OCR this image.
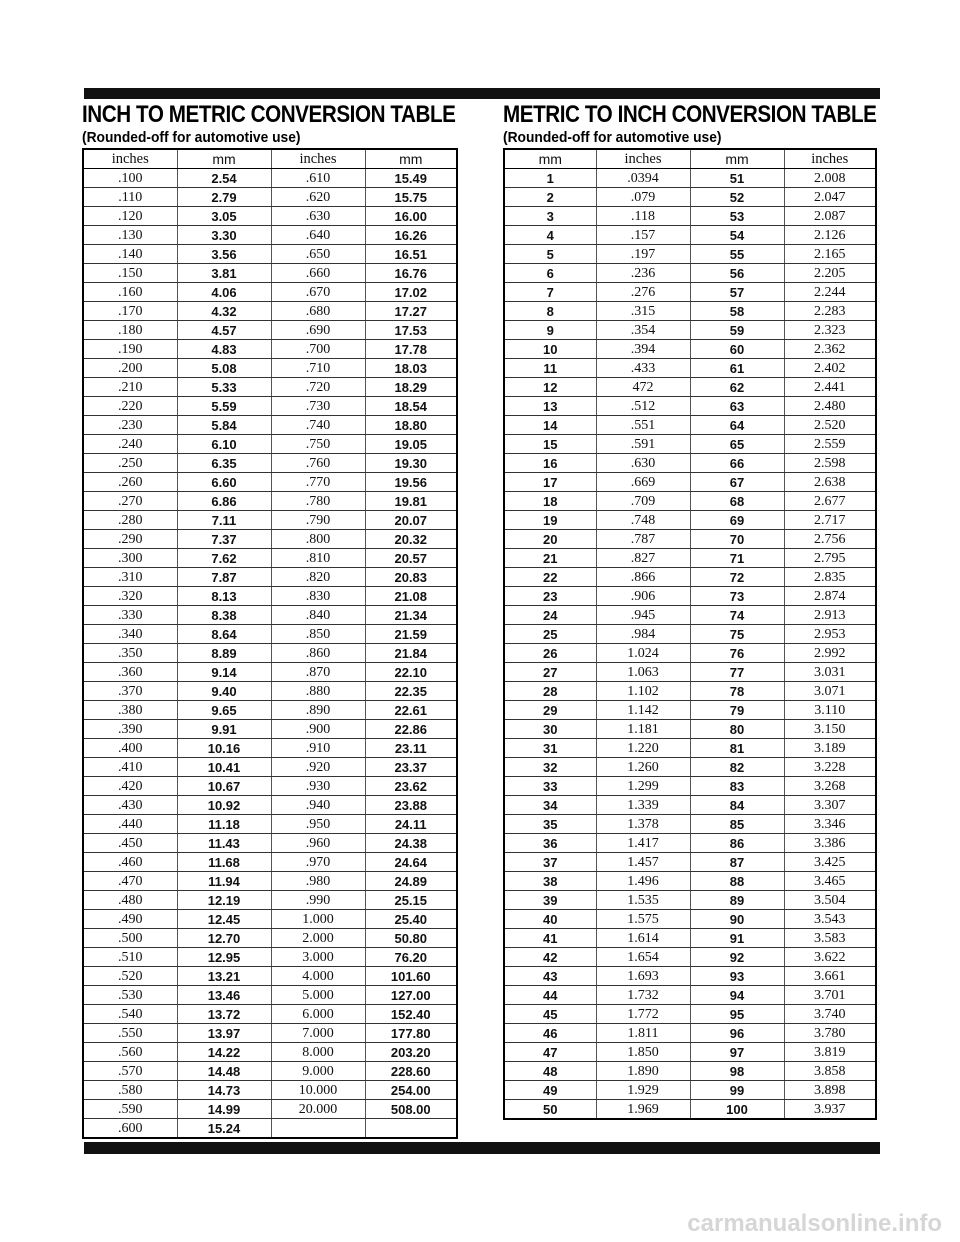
INCH TO METRIC CONVERSION TABLE
(Rounded-off for automotive use)
inches	mm	inches	mm
.100	2.54	.610	15.49
.110	2.79	.620	15.75
.120	3.05	.630	16.00
.130	3.30	.640	16.26
.140	3.56	.650	16.51
.150	3.81	.660	16.76
.160	4.06	.670	17.02
.170	4.32	.680	17.27
.180	4.57	.690	17.53
.190	4.83	.700	17.78
.200	5.08	.710	18.03
.210	5.33	.720	18.29
.220	5.59	.730	18.54
.230	5.84	.740	18.80
.240	6.10	.750	19.05
.250	6.35	.760	19.30
.260	6.60	.770	19.56
.270	6.86	.780	19.81
.280	7.11	.790	20.07
.290	7.37	.800	20.32
.300	7.62	.810	20.57
.310	7.87	.820	20.83
.320	8.13	.830	21.08
.330	8.38	.840	21.34
.340	8.64	.850	21.59
.350	8.89	.860	21.84
.360	9.14	.870	22.10
.370	9.40	.880	22.35
.380	9.65	.890	22.61
.390	9.91	.900	22.86
.400	10.16	.910	23.11
.410	10.41	.920	23.37
.420	10.67	.930	23.62
.430	10.92	.940	23.88
.440	11.18	.950	24.11
.450	11.43	.960	24.38
.460	11.68	.970	24.64
.470	11.94	.980	24.89
.480	12.19	.990	25.15
.490	12.45	1.000	25.40
.500	12.70	2.000	50.80
.510	12.95	3.000	76.20
.520	13.21	4.000	101.60
.530	13.46	5.000	127.00
.540	13.72	6.000	152.40
.550	13.97	7.000	177.80
.560	14.22	8.000	203.20
.570	14.48	9.000	228.60
.580	14.73	10.000	254.00
.590	14.99	20.000	508.00
.600	15.24		
METRIC TO INCH CONVERSION TABLE
(Rounded-off for automotive use)
mm	inches	mm	inches
1	.0394	51	2.008
2	.079	52	2.047
3	.118	53	2.087
4	.157	54	2.126
5	.197	55	2.165
6	.236	56	2.205
7	.276	57	2.244
8	.315	58	2.283
9	.354	59	2.323
10	.394	60	2.362
11	.433	61	2.402
12	472	62	2.441
13	.512	63	2.480
14	.551	64	2.520
15	.591	65	2.559
16	.630	66	2.598
17	.669	67	2.638
18	.709	68	2.677
19	.748	69	2.717
20	.787	70	2.756
21	.827	71	2.795
22	.866	72	2.835
23	.906	73	2.874
24	.945	74	2.913
25	.984	75	2.953
26	1.024	76	2.992
27	1.063	77	3.031
28	1.102	78	3.071
29	1.142	79	3.110
30	1.181	80	3.150
31	1.220	81	3.189
32	1.260	82	3.228
33	1.299	83	3.268
34	1.339	84	3.307
35	1.378	85	3.346
36	1.417	86	3.386
37	1.457	87	3.425
38	1.496	88	3.465
39	1.535	89	3.504
40	1.575	90	3.543
41	1.614	91	3.583
42	1.654	92	3.622
43	1.693	93	3.661
44	1.732	94	3.701
45	1.772	95	3.740
46	1.811	96	3.780
47	1.850	97	3.819
48	1.890	98	3.858
49	1.929	99	3.898
50	1.969	100	3.937
carmanualsonline.info
